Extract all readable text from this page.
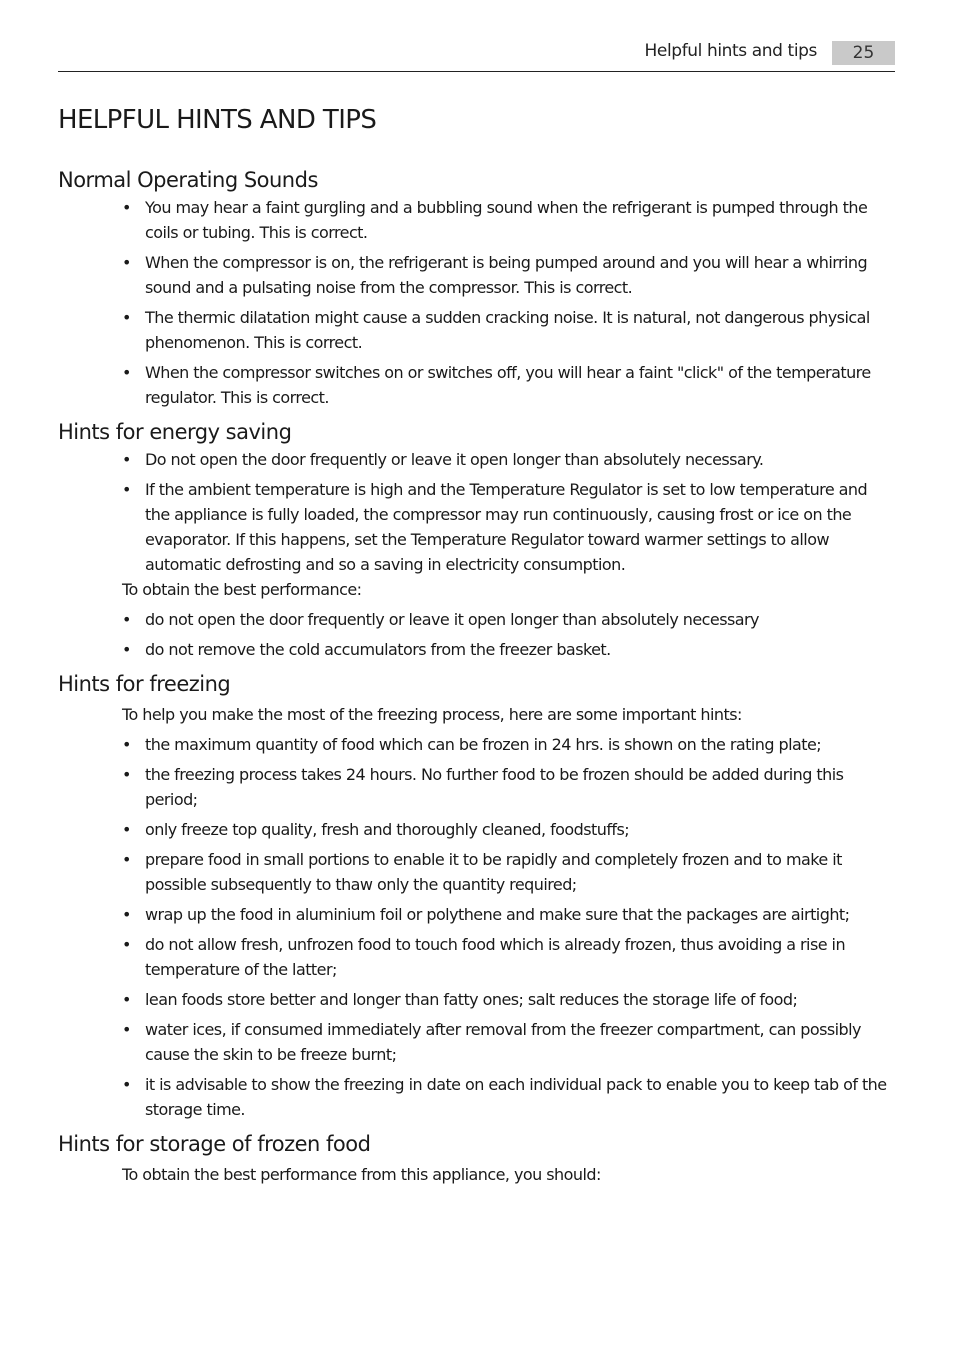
Helpful hints and tips	25
HELPFUL HINTS AND TIPS
Normal Operating Sounds
• You may hear a faint gurgling and a bubbling sound when the refrigerant is pumped through the coils or tubing. This is correct.
• When the compressor is on, the refrigerant is being pumped around and you will hear a whirring sound and a pulsating noise from the compressor. This is correct.
• The thermic dilatation might cause a sudden cracking noise. It is natural, not dangerous physical phenomenon. This is correct.
• When the compressor switches on or switches off, you will hear a faint "click" of the temperature regulator. This is correct.
Hints for energy saving
• Do not open the door frequently or leave it open longer than absolutely necessary.
• If the ambient temperature is high and the Temperature Regulator is set to low temperature and the appliance is fully loaded, the compressor may run continuously, causing frost or ice on the evaporator. If this happens, set the Temperature Regulator toward warmer settings to allow automatic defrosting and so a saving in electricity consumption.

To obtain the best performance:

• do not open the door frequently or leave it open longer than absolutely necessary
• do not remove the cold accumulators from the freezer basket.
Hints for freezing

To help you make the most of the freezing process, here are some important hints:

• the maximum quantity of food which can be frozen in 24 hrs. is shown on the rating plate;
• the freezing process takes 24 hours. No further food to be frozen should be added during this period;
• only freeze top quality, fresh and thoroughly cleaned, foodstuffs;
• prepare food in small portions to enable it to be rapidly and completely frozen and to make it possible subsequently to thaw only the quantity required;
• wrap up the food in aluminium foil or polythene and make sure that the packages are airtight;
• do not allow fresh, unfrozen food to touch food which is already frozen, thus avoiding a rise in temperature of the latter;
• lean foods store better and longer than fatty ones; salt reduces the storage life of food;
• water ices, if consumed immediately after removal from the freezer compartment, can possibly cause the skin to be freeze burnt;
• it is advisable to show the freezing in date on each individual pack to enable you to keep tab of the storage time.
Hints for storage of frozen food

To obtain the best performance from this appliance, you should:
